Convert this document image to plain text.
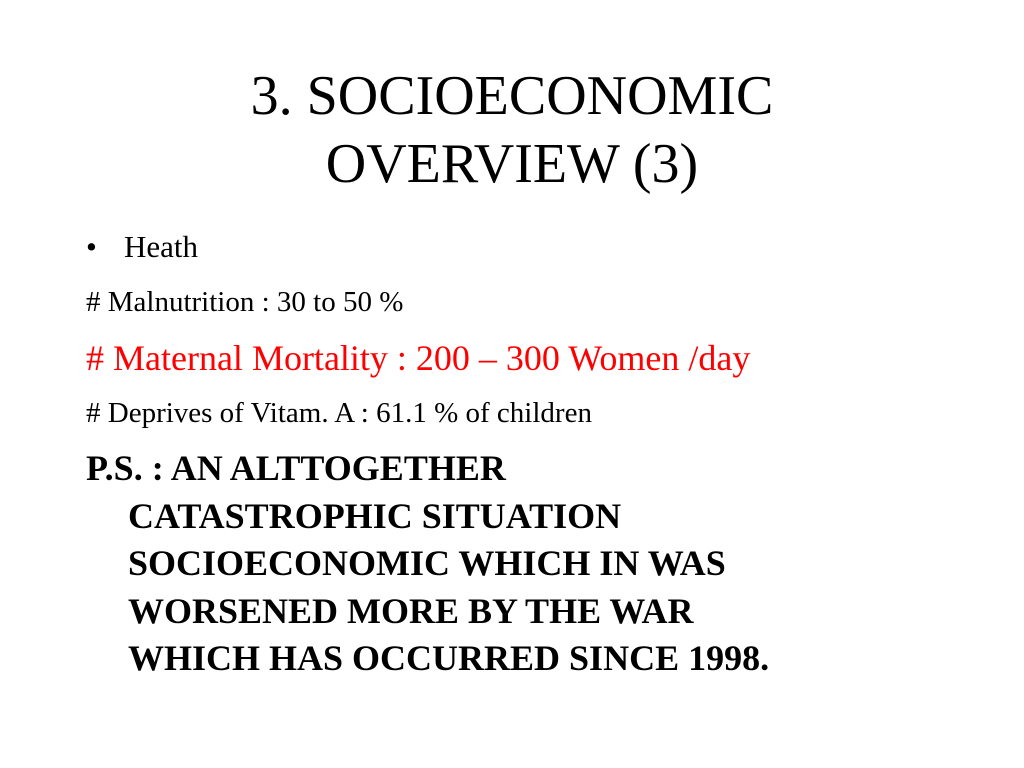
3. SOCIOECONOMIC
OVERVIEW (3)
• Heath
# Malnutrition : 30 to 50 %
# Maternal Mortality : 200 – 300 Women /day
# Deprives of Vitam. A : 61.1 % of children
P.S. : AN ALTTOGETHER
CATASTROPHIC SITUATION
SOCIOECONOMIC WHICH IN WAS
WORSENED MORE BY THE WAR
WHICH HAS OCCURRED SINCE 1998.
